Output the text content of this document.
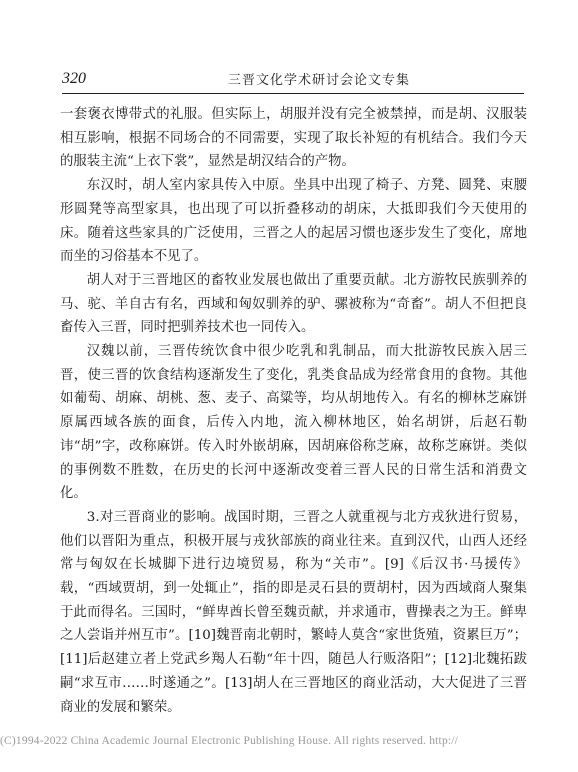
320	三晋文化学术研讨会论文专集

一套褒衣博带式的礼服。但实际上，胡服并没有完全被禁掉，而是胡、汉服装相互影响，根据不同场合的不同需要，实现了取长补短的有机结合。我们今天的服装主流“上衣下裳”，显然是胡汉结合的产物。

东汉时，胡人室内家具传入中原。坐具中出现了椅子、方凳、圆凳、束腰形圆凳等高型家具，也出现了可以折叠移动的胡床，大抵即我们今天使用的床。随着这些家具的广泛使用，三晋之人的起居习惯也逐步发生了变化，席地而坐的习俗基本不见了。

胡人对于三晋地区的畜牧业发展也做出了重要贡献。北方游牧民族驯养的马、驼、羊自古有名，西域和匈奴驯养的驴、骡被称为“奇畜”。胡人不但把良畜传入三晋，同时把驯养技术也一同传入。

汉魏以前，三晋传统饮食中很少吃乳和乳制品，而大批游牧民族入居三晋，使三晋的饮食结构逐渐发生了变化，乳类食品成为经常食用的食物。其他如葡萄、胡麻、胡桃、葱、麦子、高粱等，均从胡地传入。有名的柳林芝麻饼原属西域各族的面食，后传入内地，流入柳林地区，始名胡饼，后赵石勒讳“胡”字，改称麻饼。传入时外嵌胡麻，因胡麻俗称芝麻，故称芝麻饼。类似的事例数不胜数，在历史的长河中逐渐改变着三晋人民的日常生活和消费文化。

3.对三晋商业的影响。战国时期，三晋之人就重视与北方戎狄进行贸易，他们以晋阳为重点，积极开展与戎狄部族的商业往来。直到汉代，山西人还经常与匈奴在长城脚下进行边境贸易，称为“关市”。[9]《后汉书·马援传》载，“西域贾胡，到一处辄止”，指的即是灵石县的贾胡村，因为西域商人聚集于此而得名。三国时，“鲜卑酋长曾至魏贡献，并求通市，曹操表之为王。鲜卑之人尝诣并州互市”。[10]魏晋南北朝时，繁峙人莫含“家世货殖，资累巨万”；[11]后赵建立者上党武乡羯人石勒“年十四，随邑人行贩洛阳”；[12]北魏拓跋嗣“求互市……时遂通之”。[13]胡人在三晋地区的商业活动，大大促进了三晋商业的发展和繁荣。

(C)1994-2022 China Academic Journal Electronic Publishing House. All rights reserved. http://
